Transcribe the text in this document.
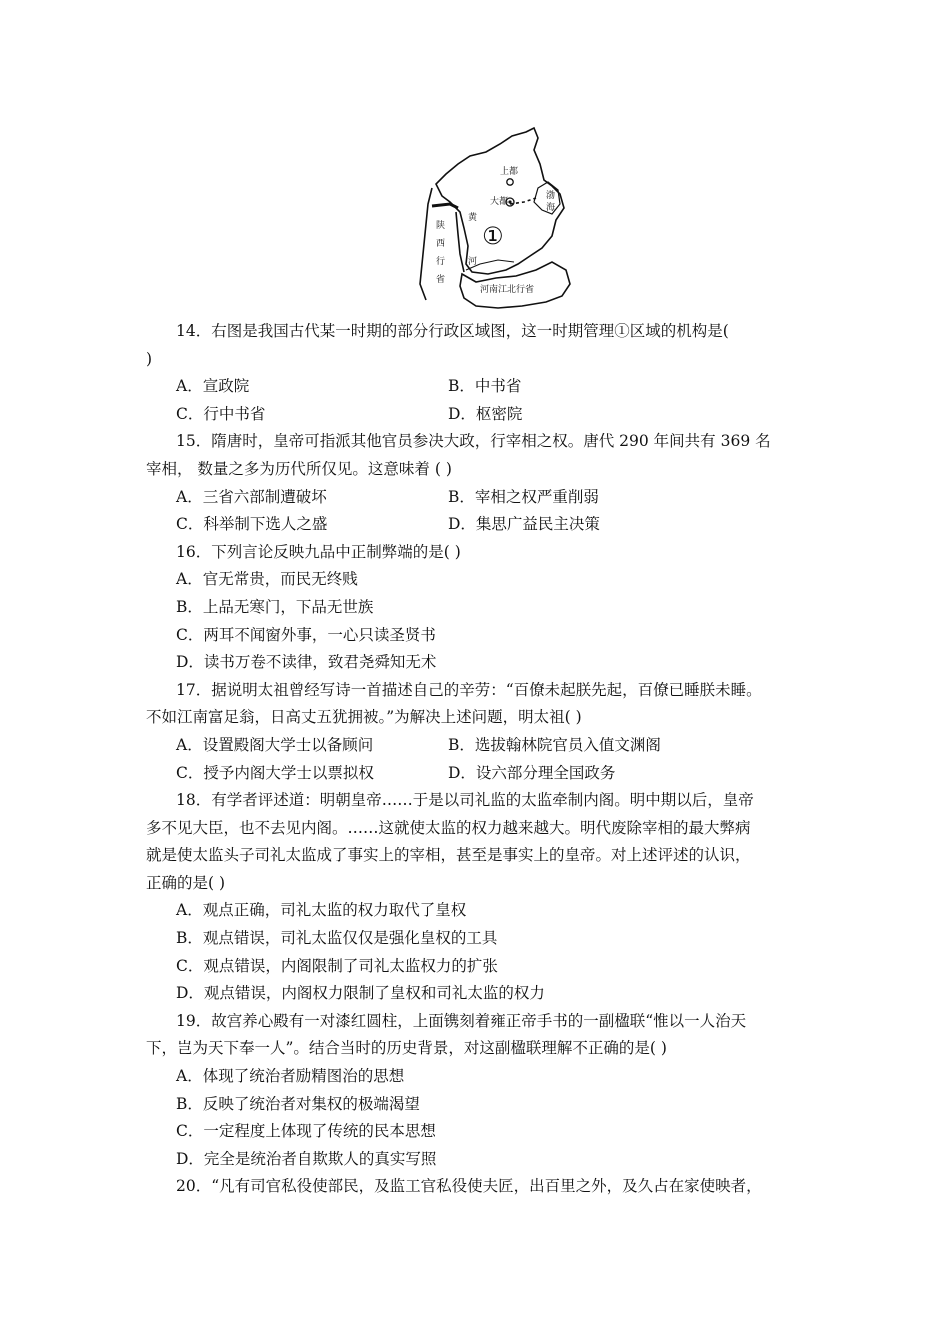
上都
大都
渤
海
黄
河
陕
西
行
省
河南江北行省
①
14．右图是我国古代某一时期的部分行政区域图，这一时期管理①区域的机构是(
)
A．宣政院	B．中书省
C．行中书省	D．枢密院
15．隋唐时，皇帝可指派其他官员参决大政，行宰相之权。唐代 290 年间共有 369 名
宰相， 数量之多为历代所仅见。这意味着 ( )
A．三省六部制遭破坏	B．宰相之权严重削弱
C．科举制下选人之盛	D．集思广益民主决策
16．下列言论反映九品中正制弊端的是( )
A．官无常贵，而民无终贱
B．上品无寒门，下品无世族
C．两耳不闻窗外事，一心只读圣贤书
D．读书万卷不读律，致君尧舜知无术
17．据说明太祖曾经写诗一首描述自己的辛劳：“百僚未起朕先起，百僚已睡朕未睡。
不如江南富足翁，日高丈五犹拥被。”为解决上述问题，明太祖( )
A．设置殿阁大学士以备顾问	B．选拔翰林院官员入值文渊阁
C．授予内阁大学士以票拟权	D．设六部分理全国政务
18．有学者评述道：明朝皇帝……于是以司礼监的太监牵制内阁。明中期以后，皇帝
多不见大臣，也不去见内阁。……这就使太监的权力越来越大。明代废除宰相的最大弊病
就是使太监头子司礼太监成了事实上的宰相，甚至是事实上的皇帝。对上述评述的认识，
正确的是( )
A．观点正确，司礼太监的权力取代了皇权
B．观点错误，司礼太监仅仅是强化皇权的工具
C．观点错误，内阁限制了司礼太监权力的扩张
D．观点错误，内阁权力限制了皇权和司礼太监的权力
19．故宫养心殿有一对漆红圆柱，上面镌刻着雍正帝手书的一副楹联“惟以一人治天
下，岂为天下奉一人”。结合当时的历史背景，对这副楹联理解不正确的是( )
A．体现了统治者励精图治的思想
B．反映了统治者对集权的极端渴望
C．一定程度上体现了传统的民本思想
D．完全是统治者自欺欺人的真实写照
20．“凡有司官私役使部民，及监工官私役使夫匠，出百里之外，及久占在家使映者，
